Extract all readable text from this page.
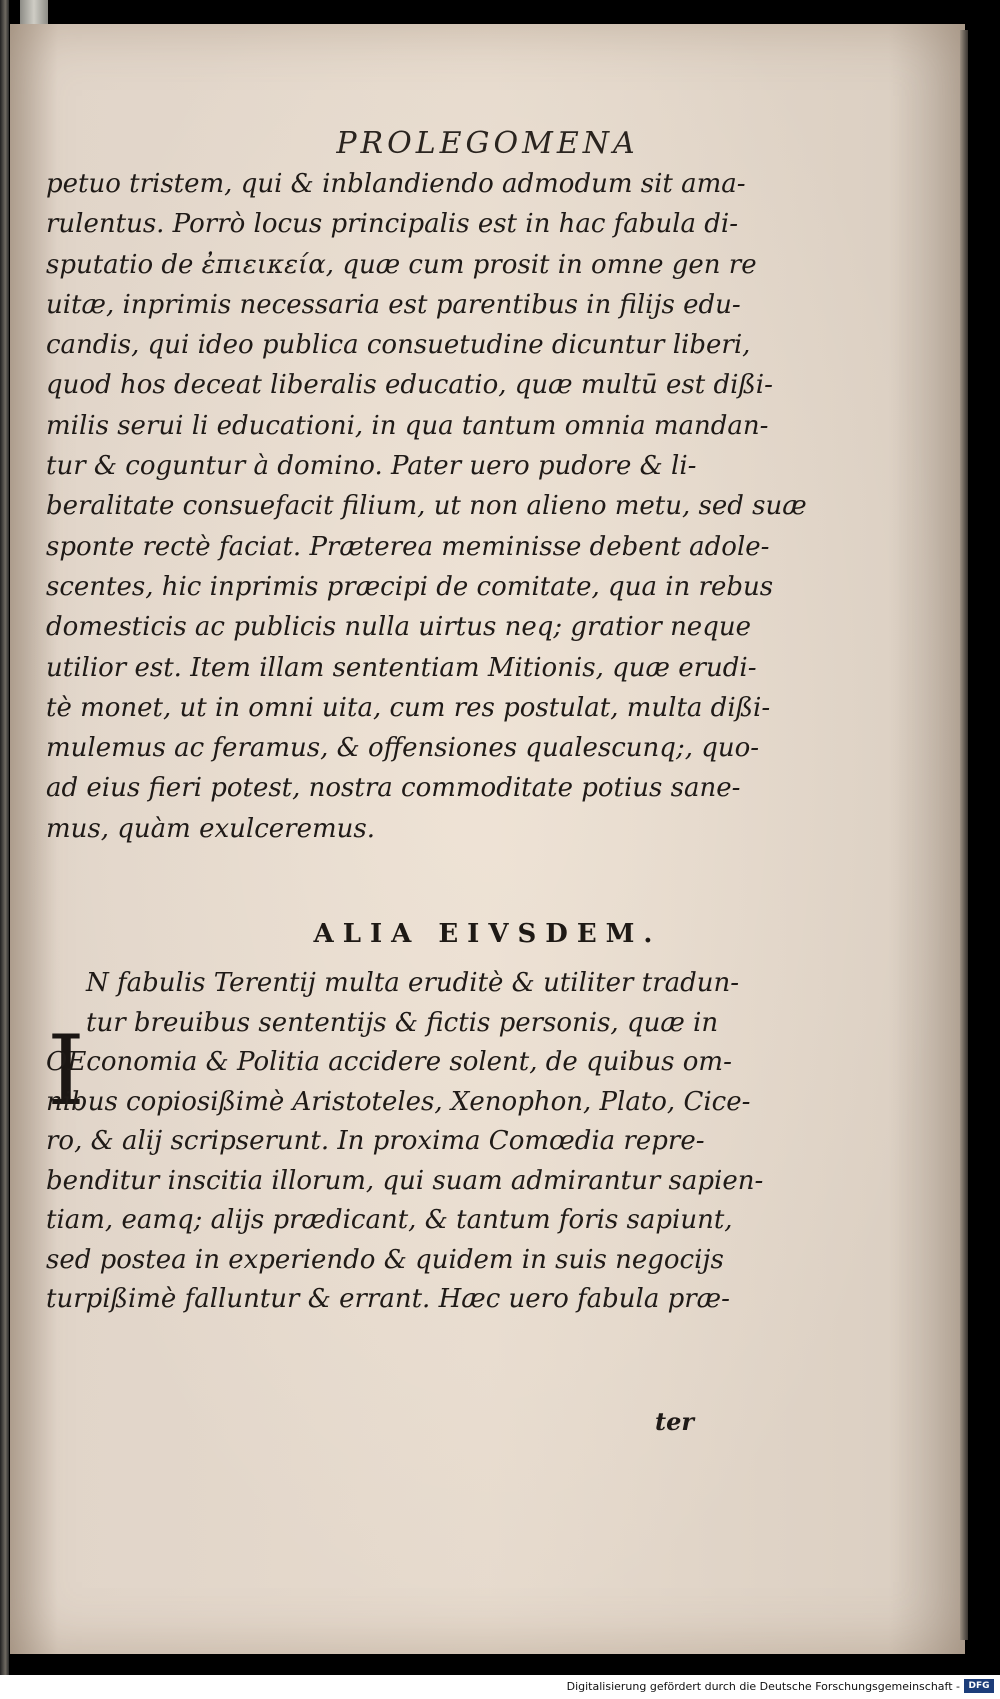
PROLEGOMENA
petuo tristem, qui & inblandiendo admodum sit ama-
rulentus. Porrò locus principalis est in hac fabula di-
sputatio de ἐπιεικεία, quæ cum prosit in omne gen re
uitæ, inprimis necessaria est parentibus in filijs edu-
candis, qui ideo publica consuetudine dicuntur liberi,
quod hos deceat liberalis educatio, quæ multū est dißi-
milis serui li educationi, in qua tantum omnia mandan-
tur & coguntur à domino. Pater uero pudore & li-
beralitate consuefacit filium, ut non alieno metu, sed suæ
sponte rectè faciat. Præterea meminisse debent adole-
scentes, hic inprimis præcipi de comitate, qua in rebus
domesticis ac publicis nulla uirtus neq; gratior neque
utilior est. Item illam sententiam Mitionis, quæ erudi-
tè monet, ut in omni uita, cum res postulat, multa dißi-
mulemus ac feramus, & offensiones qualescunq;, quo-
ad eius fieri potest, nostra commoditate potius sane-
mus, quàm exulceremus.
ALIA EIVSDEM.
I
N fabulis Terentij multa eruditè & utiliter tradun-
tur breuibus sententijs & fictis personis, quæ in
OEconomia & Politia accidere solent, de quibus om-
nibus copiosißimè Aristoteles, Xenophon, Plato, Cice-
ro, & alij scripserunt. In proxima Comœdia repre-
benditur inscitia illorum, qui suam admirantur sapien-
tiam, eamq; alijs prædicant, & tantum foris sapiunt,
sed postea in experiendo & quidem in suis negocijs
turpißimè falluntur & errant. Hæc uero fabula præ-
ter
Digitalisierung gefördert durch die Deutsche Forschungsgemeinschaft - DFG
